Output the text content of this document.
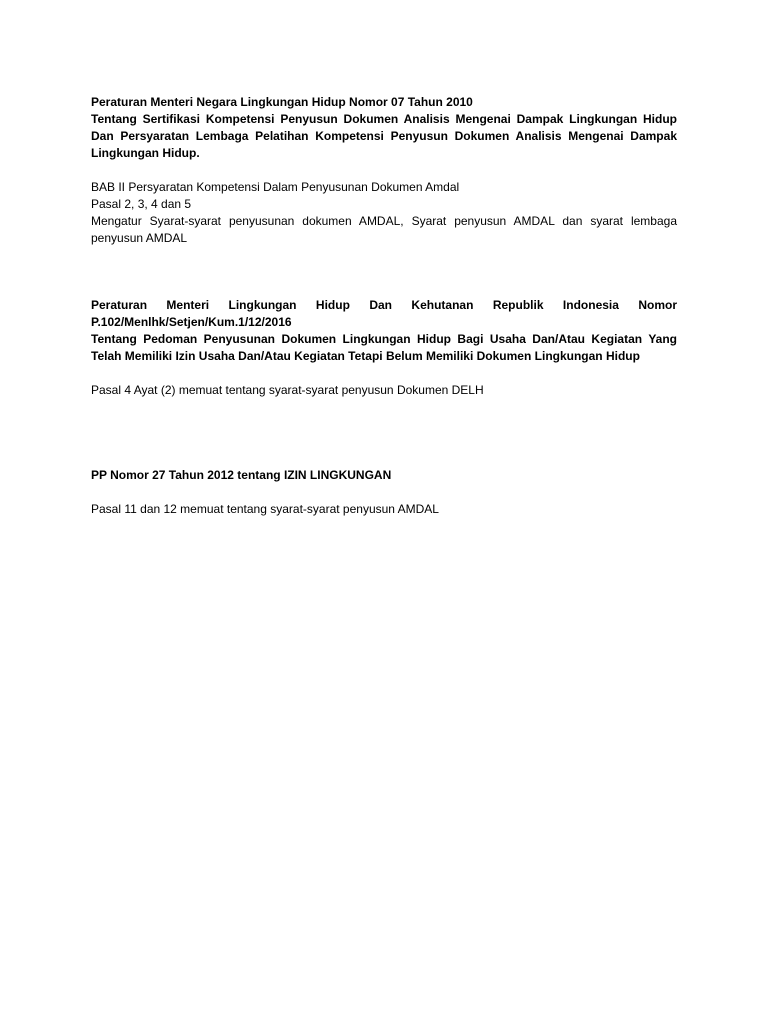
Peraturan Menteri Negara Lingkungan Hidup Nomor 07 Tahun 2010

Tentang Sertifikasi Kompetensi Penyusun Dokumen Analisis Mengenai Dampak Lingkungan Hidup Dan Persyaratan Lembaga Pelatihan Kompetensi Penyusun Dokumen Analisis Mengenai Dampak Lingkungan Hidup.

BAB II Persyaratan Kompetensi Dalam Penyusunan Dokumen Amdal

Pasal 2, 3, 4 dan 5

Mengatur Syarat-syarat penyusunan dokumen AMDAL, Syarat penyusun AMDAL dan syarat lembaga penyusun AMDAL

Peraturan Menteri Lingkungan Hidup Dan Kehutanan Republik Indonesia Nomor P.102/Menlhk/Setjen/Kum.1/12/2016

Tentang Pedoman Penyusunan Dokumen Lingkungan Hidup Bagi Usaha Dan/Atau Kegiatan Yang Telah Memiliki Izin Usaha Dan/Atau Kegiatan Tetapi Belum Memiliki Dokumen Lingkungan Hidup

Pasal 4 Ayat (2) memuat tentang syarat-syarat penyusun Dokumen DELH

PP Nomor 27 Tahun 2012 tentang IZIN LINGKUNGAN

Pasal 11 dan 12 memuat tentang syarat-syarat penyusun AMDAL
